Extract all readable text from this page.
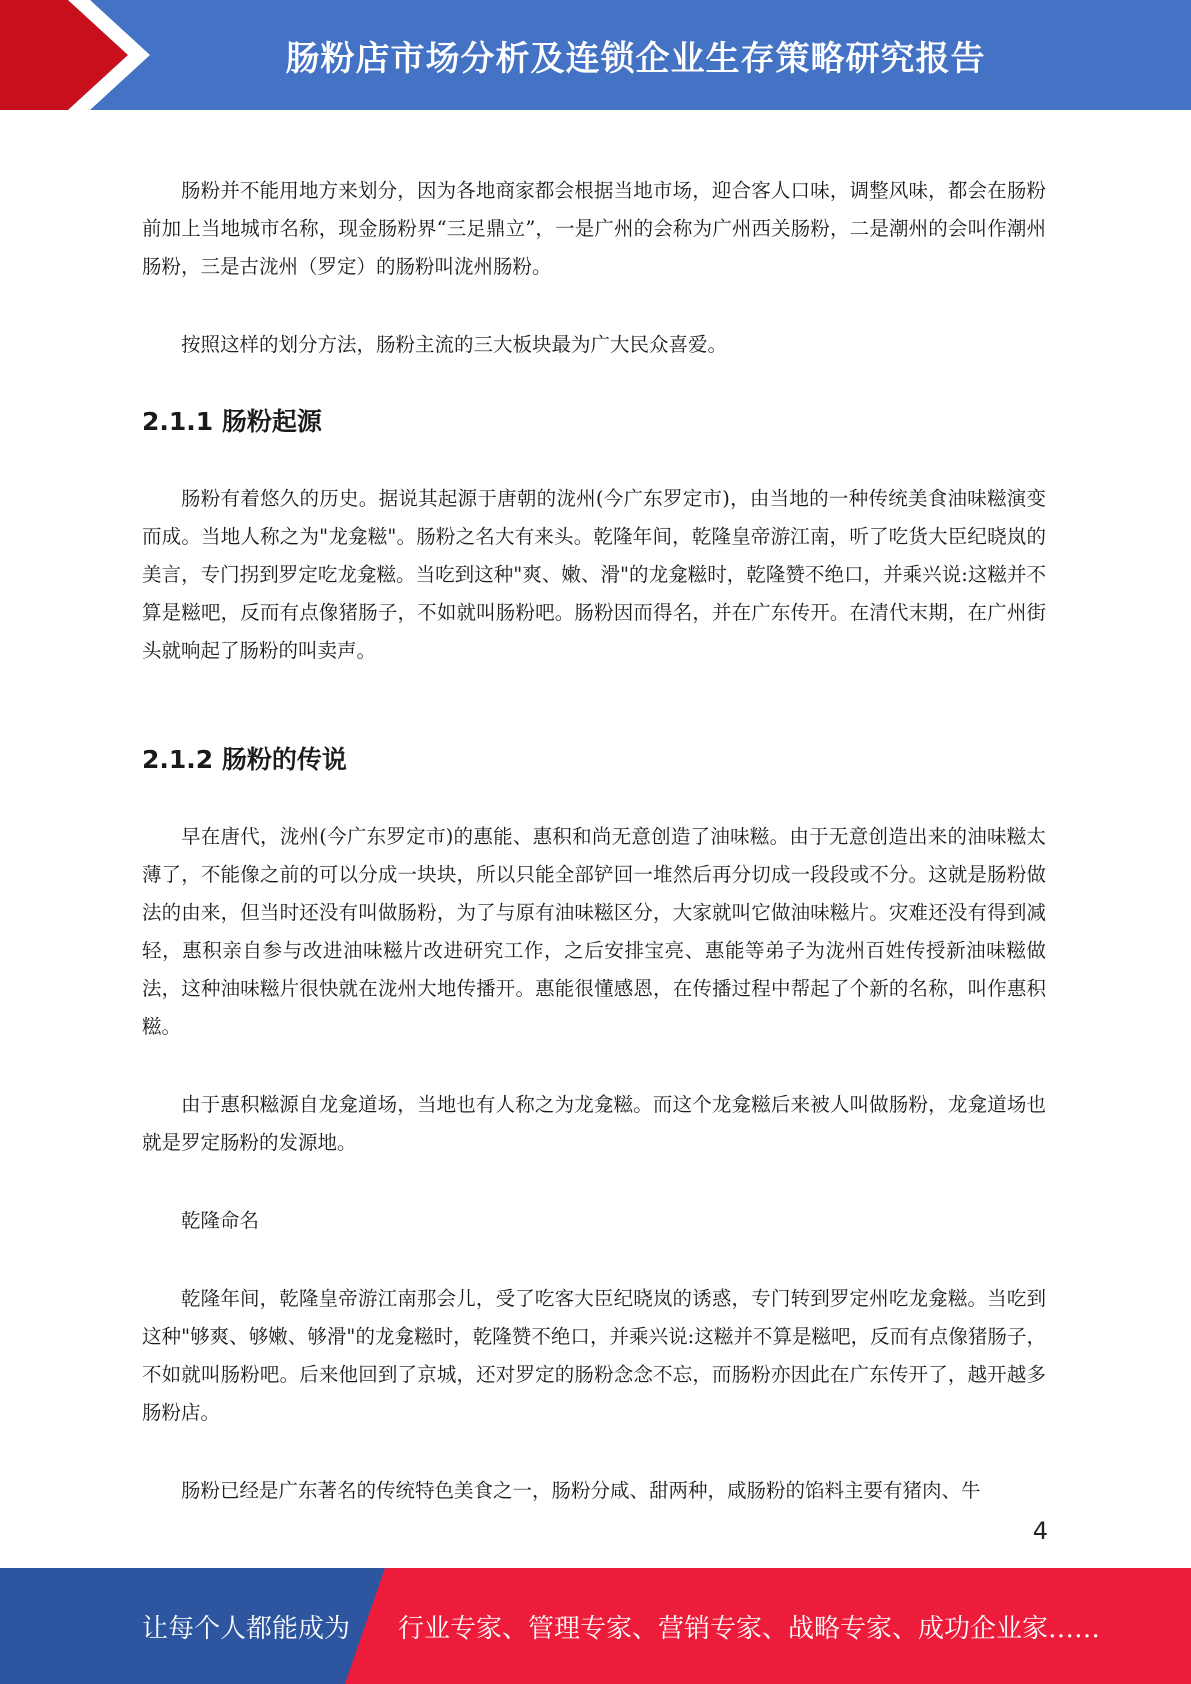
肠粉店市场分析及连锁企业生存策略研究报告

肠粉并不能用地方来划分，因为各地商家都会根据当地市场，迎合客人口味，调整风味，都会在肠粉前加上当地城市名称，现金肠粉界“三足鼎立”，一是广州的会称为广州西关肠粉，二是潮州的会叫作潮州肠粉，三是古泷州（罗定）的肠粉叫泷州肠粉。

按照这样的划分方法，肠粉主流的三大板块最为广大民众喜爱。

2.1.1 肠粉起源

肠粉有着悠久的历史。据说其起源于唐朝的泷州(今广东罗定市)，由当地的一种传统美食油味糍演变而成。当地人称之为"龙龛糍"。肠粉之名大有来头。乾隆年间，乾隆皇帝游江南，听了吃货大臣纪晓岚的美言，专门拐到罗定吃龙龛糍。当吃到这种"爽、嫩、滑"的龙龛糍时，乾隆赞不绝口，并乘兴说:这糍并不算是糍吧，反而有点像猪肠子，不如就叫肠粉吧。肠粉因而得名，并在广东传开。在清代末期，在广州街头就响起了肠粉的叫卖声。

2.1.2 肠粉的传说

早在唐代，泷州(今广东罗定市)的惠能、惠积和尚无意创造了油味糍。由于无意创造出来的油味糍太薄了，不能像之前的可以分成一块块，所以只能全部铲回一堆然后再分切成一段段或不分。这就是肠粉做法的由来，但当时还没有叫做肠粉，为了与原有油味糍区分，大家就叫它做油味糍片。灾难还没有得到减轻，惠积亲自参与改进油味糍片改进研究工作，之后安排宝亮、惠能等弟子为泷州百姓传授新油味糍做法，这种油味糍片很快就在泷州大地传播开。惠能很懂感恩，在传播过程中帮起了个新的名称，叫作惠积糍。

由于惠积糍源自龙龛道场，当地也有人称之为龙龛糍。而这个龙龛糍后来被人叫做肠粉，龙龛道场也就是罗定肠粉的发源地。

乾隆命名

乾隆年间，乾隆皇帝游江南那会儿，受了吃客大臣纪晓岚的诱惑，专门转到罗定州吃龙龛糍。当吃到这种"够爽、够嫩、够滑"的龙龛糍时，乾隆赞不绝口，并乘兴说:这糍并不算是糍吧，反而有点像猪肠子，不如就叫肠粉吧。后来他回到了京城，还对罗定的肠粉念念不忘，而肠粉亦因此在广东传开了，越开越多肠粉店。

肠粉已经是广东著名的传统特色美食之一，肠粉分咸、甜两种，咸肠粉的馅料主要有猪肉、牛

4
让每个人都能成为 行业专家、管理专家、营销专家、战略专家、成功企业家……
